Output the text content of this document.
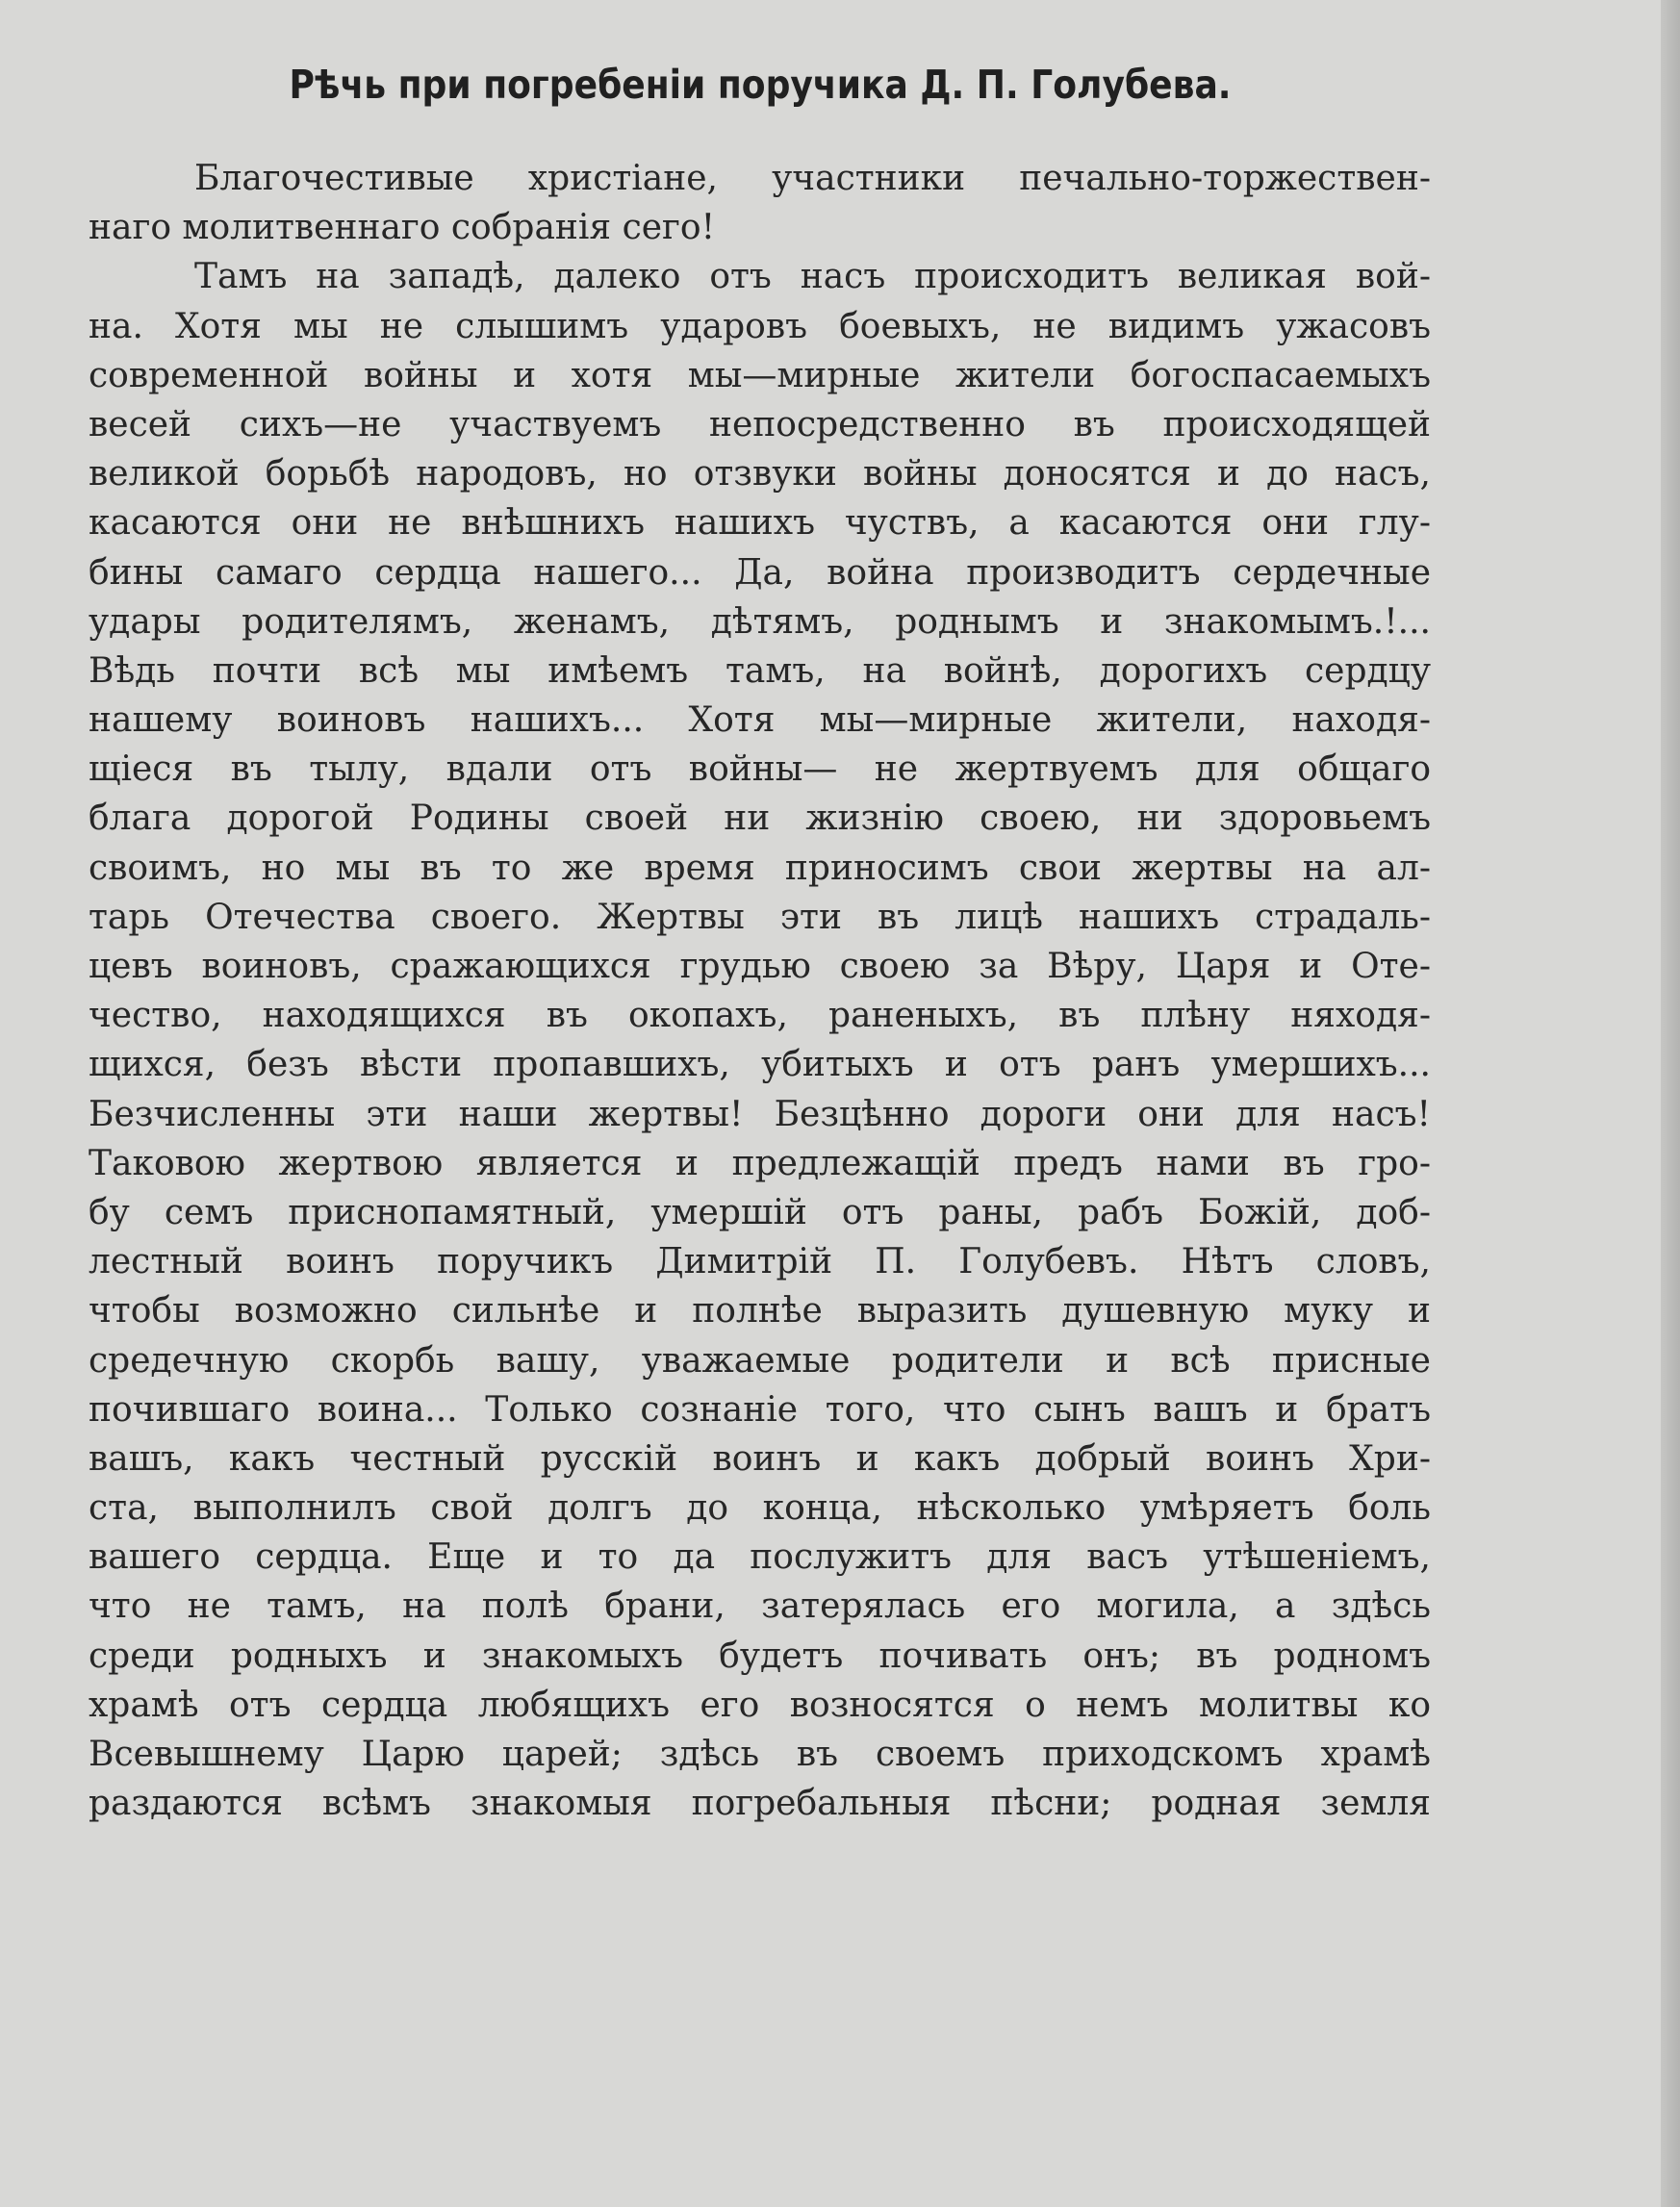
Рѣчь при погребеніи поручика Д. П. Голубева.
Благочестивые христіане, участники печально-торжествен-
наго молитвеннаго собранія сего!
Тамъ на западѣ, далеко отъ насъ происходитъ великая вой-
на. Хотя мы не слышимъ ударовъ боевыхъ, не видимъ ужасовъ
современной войны и хотя мы—мирные жители богоспасаемыхъ
весей сихъ—не участвуемъ непосредственно въ происходящей
великой борьбѣ народовъ, но отзвуки войны доносятся и до насъ,
касаются они не внѣшнихъ нашихъ чуствъ, а касаются они глу-
бины самаго сердца нашего... Да, война производитъ сердечные
удары родителямъ, женамъ, дѣтямъ, роднымъ и знакомымъ.!...
Вѣдь почти всѣ мы имѣемъ тамъ, на войнѣ, дорогихъ сердцу
нашему воиновъ нашихъ... Хотя мы—мирные жители, находя-
щіеся въ тылу, вдали отъ войны— не жертвуемъ для общаго
блага дорогой Родины своей ни жизнію своею, ни здоровьемъ
своимъ, но мы въ то же время приносимъ свои жертвы на ал-
тарь Отечества своего. Жертвы эти въ лицѣ нашихъ страдаль-
цевъ воиновъ, сражающихся грудью своею за Вѣру, Царя и Оте-
чество, находящихся въ окопахъ, раненыхъ, въ плѣну няходя-
щихся, безъ вѣсти пропавшихъ, убитыхъ и отъ ранъ умершихъ...
Безчисленны эти наши жертвы! Безцѣнно дороги они для насъ!
Таковою жертвою является и предлежащій предъ нами въ гро-
бу семъ приснопамятный, умершій отъ раны, рабъ Божій, доб-
лестный воинъ поручикъ Димитрій П. Голубевъ. Нѣтъ словъ,
чтобы возможно сильнѣе и полнѣе выразить душевную муку и
средечную скорбь вашу, уважаемые родители и всѣ присные
почившаго воина... Только сознаніе того, что сынъ вашъ и братъ
вашъ, какъ честный русскій воинъ и какъ добрый воинъ Хри-
ста, выполнилъ свой долгъ до конца, нѣсколько умѣряетъ боль
вашего сердца. Еще и то да послужитъ для васъ утѣшеніемъ,
что не тамъ, на полѣ брани, затерялась его могила, а здѣсь
среди родныхъ и знакомыхъ будетъ почивать онъ; въ родномъ
храмѣ отъ сердца любящихъ его возносятся о немъ молитвы ко
Всевышнему Царю царей; здѣсь въ своемъ приходскомъ храмѣ
раздаются всѣмъ знакомыя погребальныя пѣсни; родная земля
